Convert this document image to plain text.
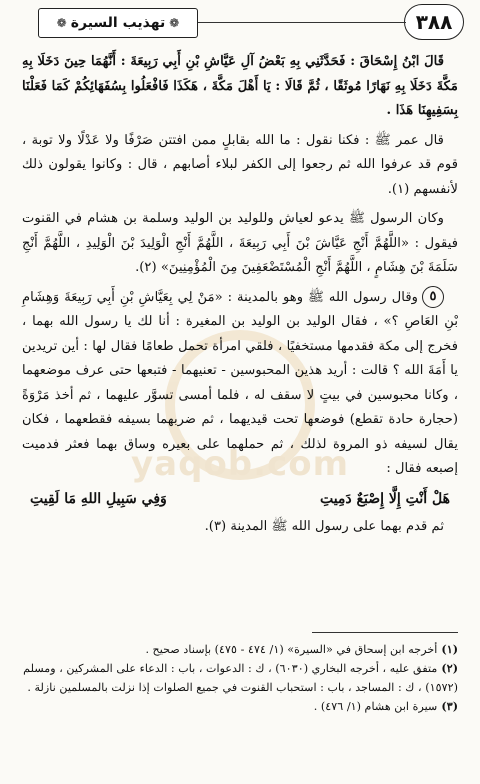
٣٨٨
❁ تهذيب السيرة ❁
yaqob.com

قَالَ ابْنُ إِسْحَاقَ : فَحَدَّثَنِي بِهِ بَعْضُ آلِ عَيَّاشِ بْنِ أَبِي رَبِيعَةَ : أَنَّهُمَا حِينَ دَخَلَا بِهِ مَكَّةَ دَخَلَا بِهِ نَهَارًا مُوثَقًا ، ثُمَّ قَالَا : يَا أَهْلَ مَكَّةَ ، هَكَذَا فَافْعَلُوا بِسُفَهَائِكُمْ كَمَا فَعَلْنَا بِسَفِيهِنَا هَذَا .

قال عمر ﷺ : فكنا نقول : ما الله بقابلٍ ممن افتتن صَرْفًا ولا عَدْلًا ولا توبة ، قوم قد عرفوا الله ثم رجعوا إلى الكفر لبلاء أصابهم ، قال : وكانوا يقولون ذلك لأنفسهم (١).

وكان الرسول ﷺ يدعو لعياش وللوليد بن الوليد وسلمة بن هشام في القنوت فيقول : «اللَّهُمَّ أَنْجِ عَيَّاشَ بْنَ أَبِي رَبِيعَةَ ، اللَّهُمَّ أَنْجِ الْوَلِيدَ بْنَ الْوَلِيدِ ، اللَّهُمَّ أَنْجِ سَلَمَةَ بْنَ هِشَامٍ ، اللَّهُمَّ أَنْجِ الْمُسْتَضْعَفِينَ مِنَ الْمُؤْمِنِينَ» (٢).

٥وقال رسول الله ﷺ وهو بالمدينة : «مَنْ لِي بِعَيَّاشِ بْنِ أَبِي رَبِيعَةَ وَهِشَامِ بْنِ العَاصِ ؟» ، فقال الوليد بن الوليد بن المغيرة : أنا لك يا رسول الله بهما ، فخرج إلى مكة فقدمها مستخفيًا ، فلقي امرأة تحمل طعامًا فقال لها : أين تريدين يا أَمَةَ الله ؟ قالت : أريد هذين المحبوسين - تعنيهما - فتبعها حتى عرف موضعهما ، وكانا محبوسين في بيتٍ لا سقف له ، فلما أمسى تسوَّر عليهما ، ثم أخذ مَرْوَةً (حجارة حادة تقطع) فوضعها تحت قيديهما ، ثم ضربهما بسيفه فقطعهما ، فكان يقال لسيفه ذو المروة لذلك ، ثم حملهما على بعيره وساق بهما فعثر فدميت إصبعه فقال :

هَلْ أَنْتِ إِلَّا إِصْبَعٌ دَمِيتِ
وَفِي سَبِيلِ اللهِ مَا لَقِيتِ

ثم قدم بهما على رسول الله ﷺ المدينة (٣).

(١)أخرجه ابن إسحاق في «السيرة» (١/ ٤٧٤ - ٤٧٥) بإسناد صحيح .

(٢)متفق عليه ، أخرجه البخاري (٦٠٣٠) ، ك : الدعوات ، باب : الدعاء على المشركين ، ومسلم (١٥٧٢) ، ك : المساجد ، باب : استحباب القنوت في جميع الصلوات إذا نزلت بالمسلمين نازلة .

(٣)سيرة ابن هشام (١/ ٤٧٦) .
